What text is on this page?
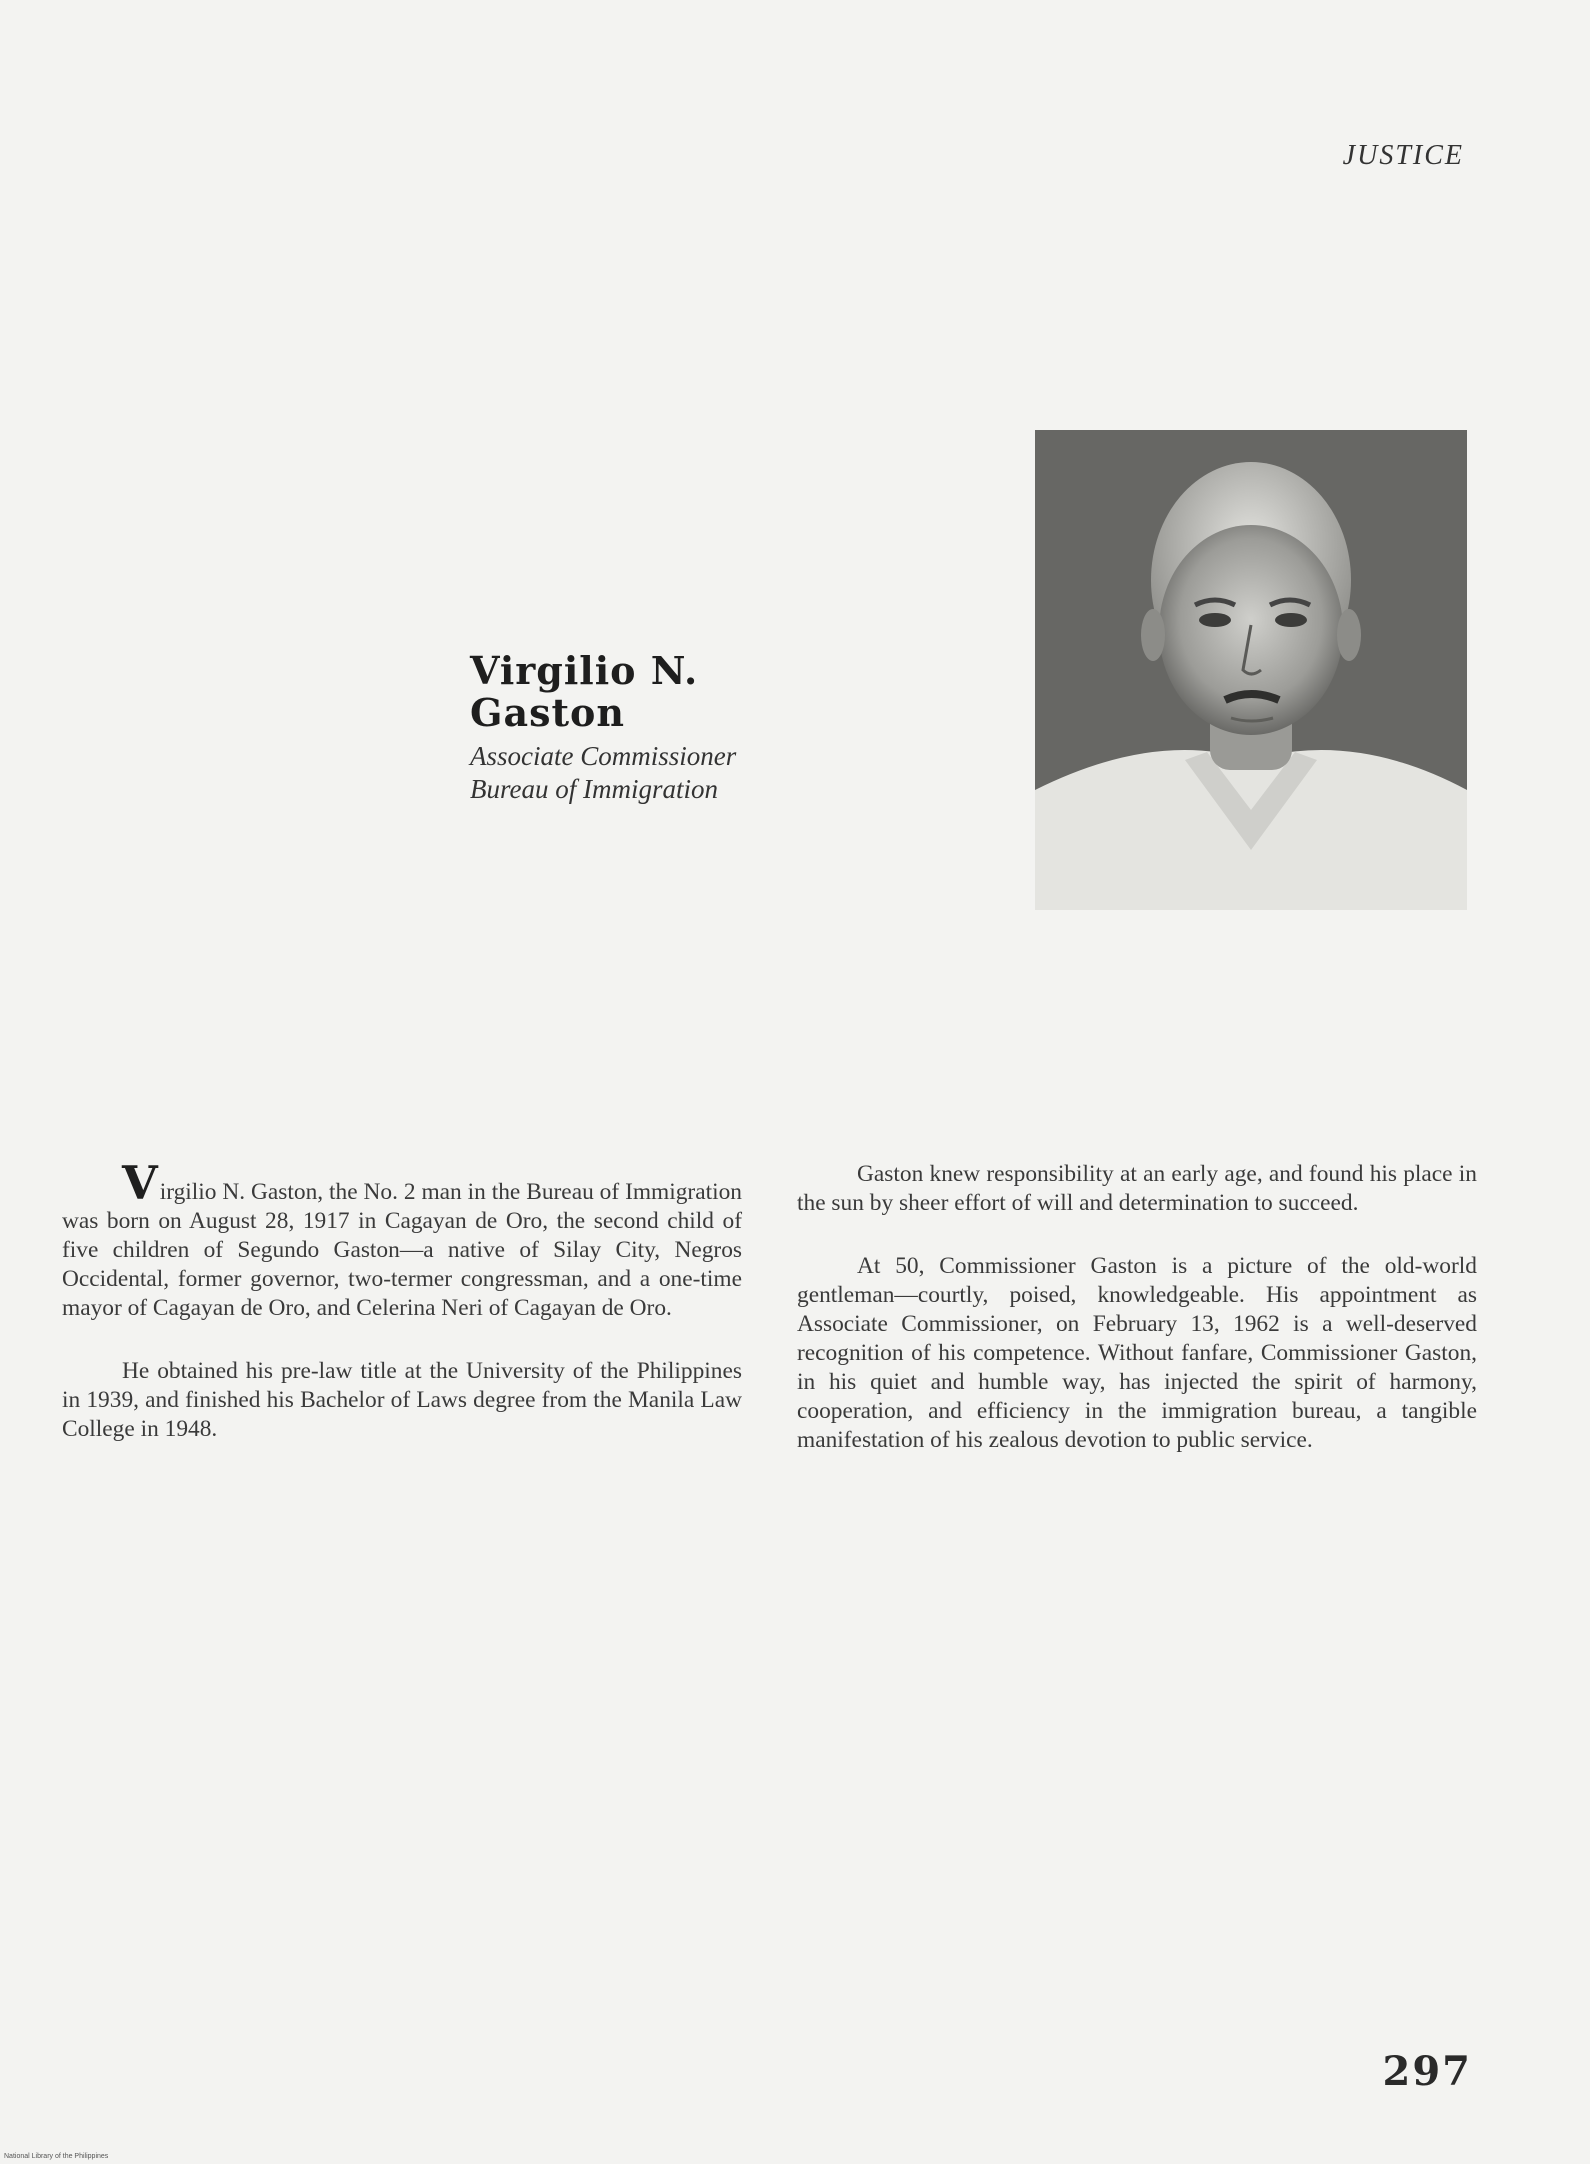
JUSTICE
Virgilio N. Gaston
Associate Commissioner
Bureau of Immigration

Virgilio N. Gaston, the No. 2 man in the Bureau of Immigration was born on August 28, 1917 in Cagayan de Oro, the second child of five children of Segundo Gaston—a native of Silay City, Negros Occidental, former governor, two-termer congressman, and a one-time mayor of Cagayan de Oro, and Celerina Neri of Cagayan de Oro.

He obtained his pre-law title at the University of the Philippines in 1939, and finished his Bachelor of Laws degree from the Manila Law College in 1948.

Gaston knew responsibility at an early age, and found his place in the sun by sheer effort of will and determination to succeed.

At 50, Commissioner Gaston is a picture of the old-world gentleman—courtly, poised, knowledgeable. His appointment as Associate Commissioner, on February 13, 1962 is a well-deserved recognition of his competence. Without fanfare, Commissioner Gaston, in his quiet and humble way, has injected the spirit of harmony, cooperation, and efficiency in the immigration bureau, a tangible manifestation of his zealous devotion to public service.

297
National Library of the Philippines
